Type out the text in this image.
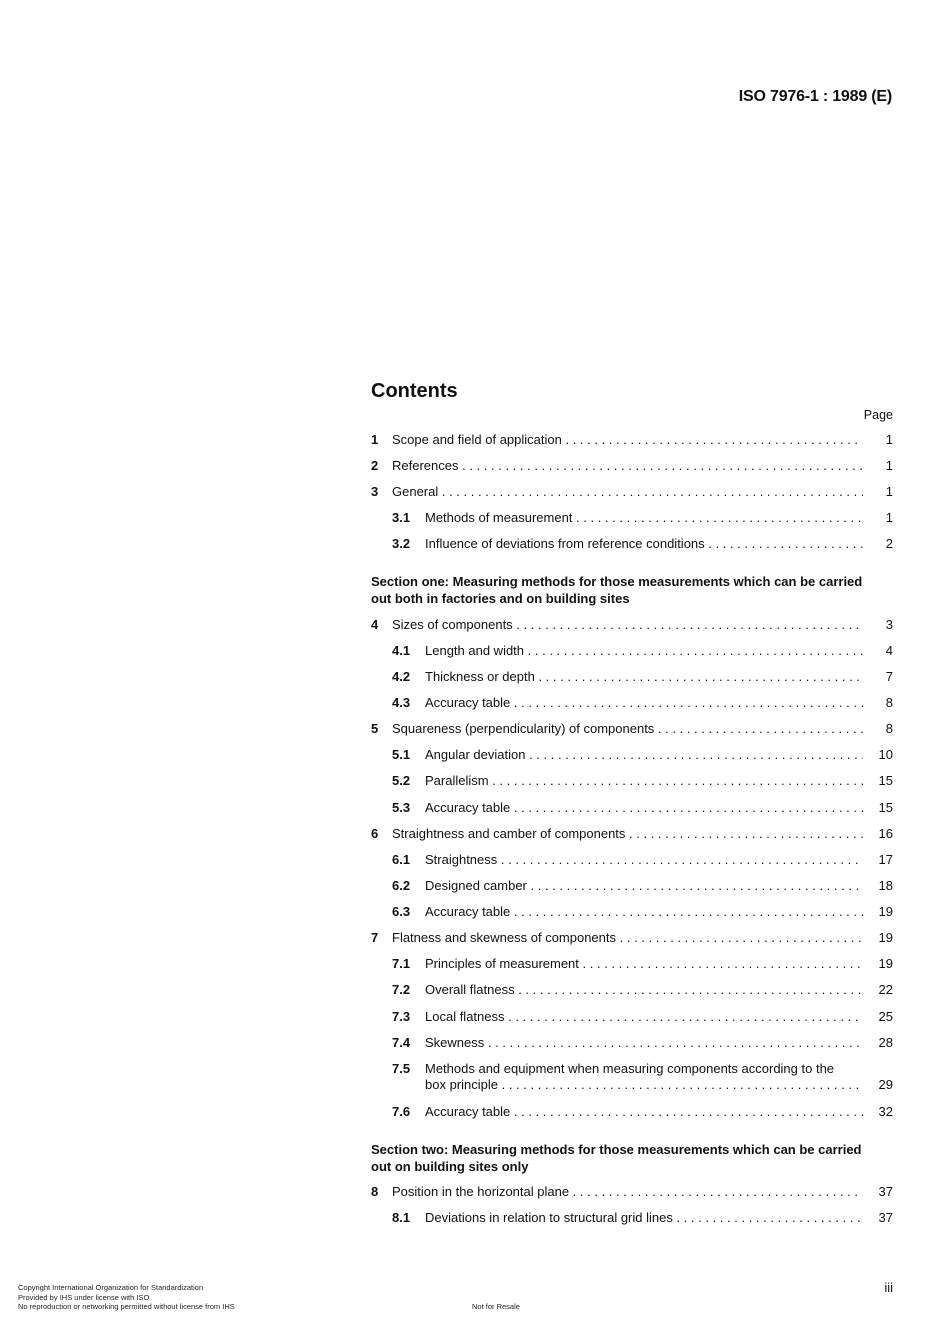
ISO 7976-1 : 1989 (E)
Contents
Page
1 Scope and field of application . . .	1
2 References . . .	1
3 General . . .	1
3.1 Methods of measurement . . .	1
3.2 Influence of deviations from reference conditions . . .	2
Section one: Measuring methods for those measurements which can be carried out both in factories and on building sites
4 Sizes of components . . .	3
4.1 Length and width . . .	4
4.2 Thickness or depth . . .	7
4.3 Accuracy table . . .	8
5 Squareness (perpendicularity) of components . . .	8
5.1 Angular deviation . . .	10
5.2 Parallelism . . .	15
5.3 Accuracy table . . .	15
6 Straightness and camber of components . . .	16
6.1 Straightness . . .	17
6.2 Designed camber . . .	18
6.3 Accuracy table . . .	19
7 Flatness and skewness of components . . .	19
7.1 Principles of measurement . . .	19
7.2 Overall flatness . . .	22
7.3 Local flatness . . .	25
7.4 Skewness . . .	28
7.5 Methods and equipment when measuring components according to the
box principle . . .	29
7.6 Accuracy table . . .	32
Section two: Measuring methods for those measurements which can be carried out on building sites only
8 Position in the horizontal plane . . .	37
8.1 Deviations in relation to structural grid lines . . .	37
Copyright International Organization for Standardization
Provided by IHS under license with ISO
No reproduction or networking permitted without license from IHS	Not for Resale
iii
